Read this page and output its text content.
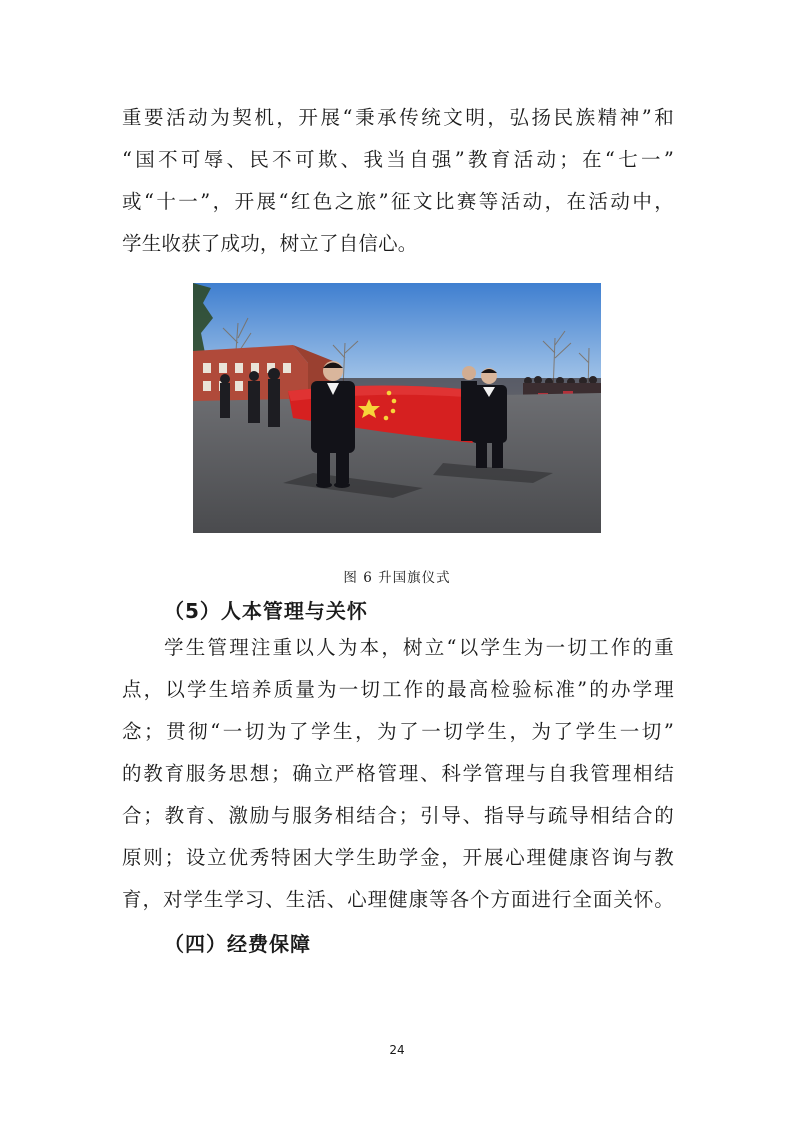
重要活动为契机，开展“秉承传统文明，弘扬民族精神”和
“国不可辱、民不可欺、我当自强”教育活动；在“七一”
或“十一”，开展“红色之旅”征文比赛等活动，在活动中，
学生收获了成功，树立了自信心。
图 6 升国旗仪式
（5）人本管理与关怀
学生管理注重以人为本，树立“以学生为一切工作的重
点，以学生培养质量为一切工作的最高检验标准”的办学理
念；贯彻“一切为了学生，为了一切学生，为了学生一切”
的教育服务思想；确立严格管理、科学管理与自我管理相结
合；教育、激励与服务相结合；引导、指导与疏导相结合的
原则；设立优秀特困大学生助学金，开展心理健康咨询与教
育，对学生学习、生活、心理健康等各个方面进行全面关怀。
（四）经费保障
24
